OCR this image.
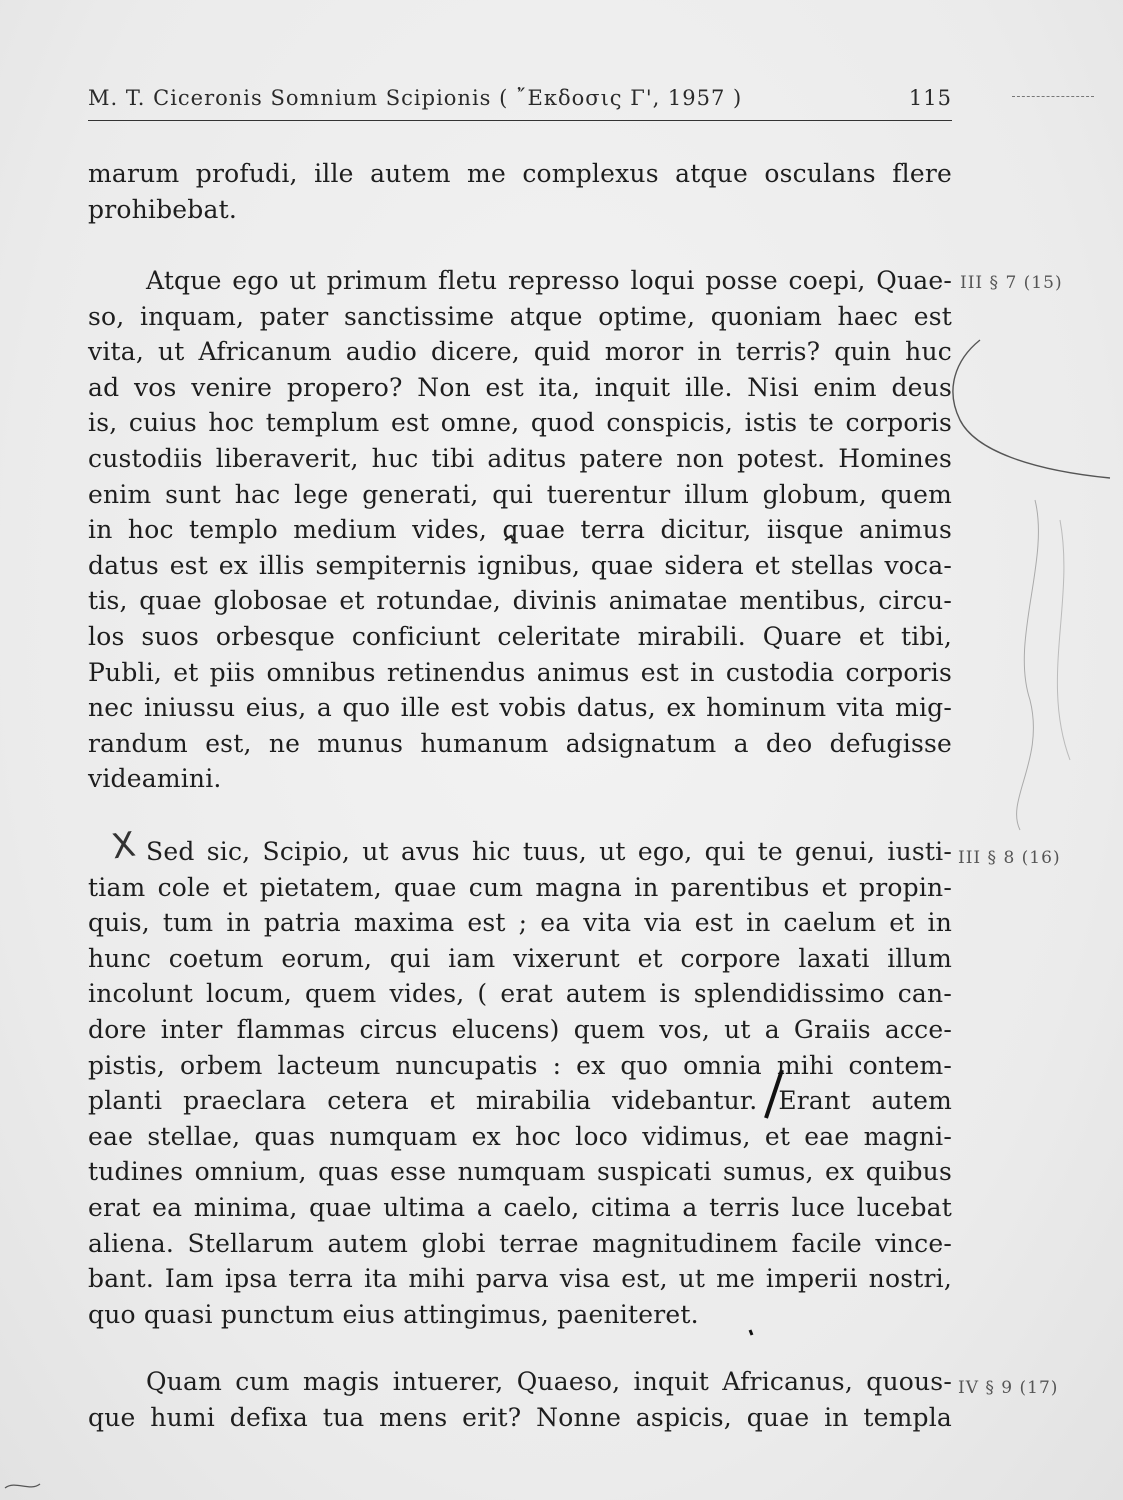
M. T. Ciceronis Somnium Scipionis ( ῎Εκδοσις Γ', 1957 )	115
marum profudi, ille autem me complexus atque osculans flere
prohibebat.
Atque ego ut primum fletu represso loqui posse coepi, Quae-
so, inquam, pater sanctissime atque optime, quoniam haec est
vita, ut Africanum audio dicere, quid moror in terris? quin huc
ad vos venire propero? Non est ita, inquit ille. Nisi enim deus
is, cuius hoc templum est omne, quod conspicis, istis te corporis
custodiis liberaverit, huc tibi aditus patere non potest. Homines
enim sunt hac lege generati, qui tuerentur illum globum, quem
in hoc templo medium vides, quae terra dicitur, iisque animus
datus est ex illis sempiternis ignibus, quae sidera et stellas voca-
tis, quae globosae et rotundae, divinis animatae mentibus, circu-
los suos orbesque conficiunt celeritate mirabili. Quare et tibi,
Publi, et piis omnibus retinendus animus est in custodia corporis
nec iniussu eius, a quo ille est vobis datus, ex hominum vita mig-
randum est, ne munus humanum adsignatum a deo defugisse
videamini.
III § 7 (15)
X Sed sic, Scipio, ut avus hic tuus, ut ego, qui te genui, iusti-
tiam cole et pietatem, quae cum magna in parentibus et propin-
quis, tum in patria maxima est ; ea vita via est in caelum et in
hunc coetum eorum, qui iam vixerunt et corpore laxati illum
incolunt locum, quem vides, ( erat autem is splendidissimo can-
dore inter flammas circus elucens) quem vos, ut a Graiis acce-
pistis, orbem lacteum nuncupatis : ex quo omnia mihi contem-
planti praeclara cetera et mirabilia videbantur. Erant autem
eae stellae, quas numquam ex hoc loco vidimus, et eae magni-
tudines omnium, quas esse numquam suspicati sumus, ex quibus
erat ea minima, quae ultima a caelo, citima a terris luce lucebat
aliena. Stellarum autem globi terrae magnitudinem facile vince-
bant. Iam ipsa terra ita mihi parva visa est, ut me imperii nostri,
quo quasi punctum eius attingimus, paeniteret.
III § 8 (16)
Quam cum magis intuerer, Quaeso, inquit Africanus, quous-
que humi defixa tua mens erit? Nonne aspicis, quae in templa
IV § 9 (17)
